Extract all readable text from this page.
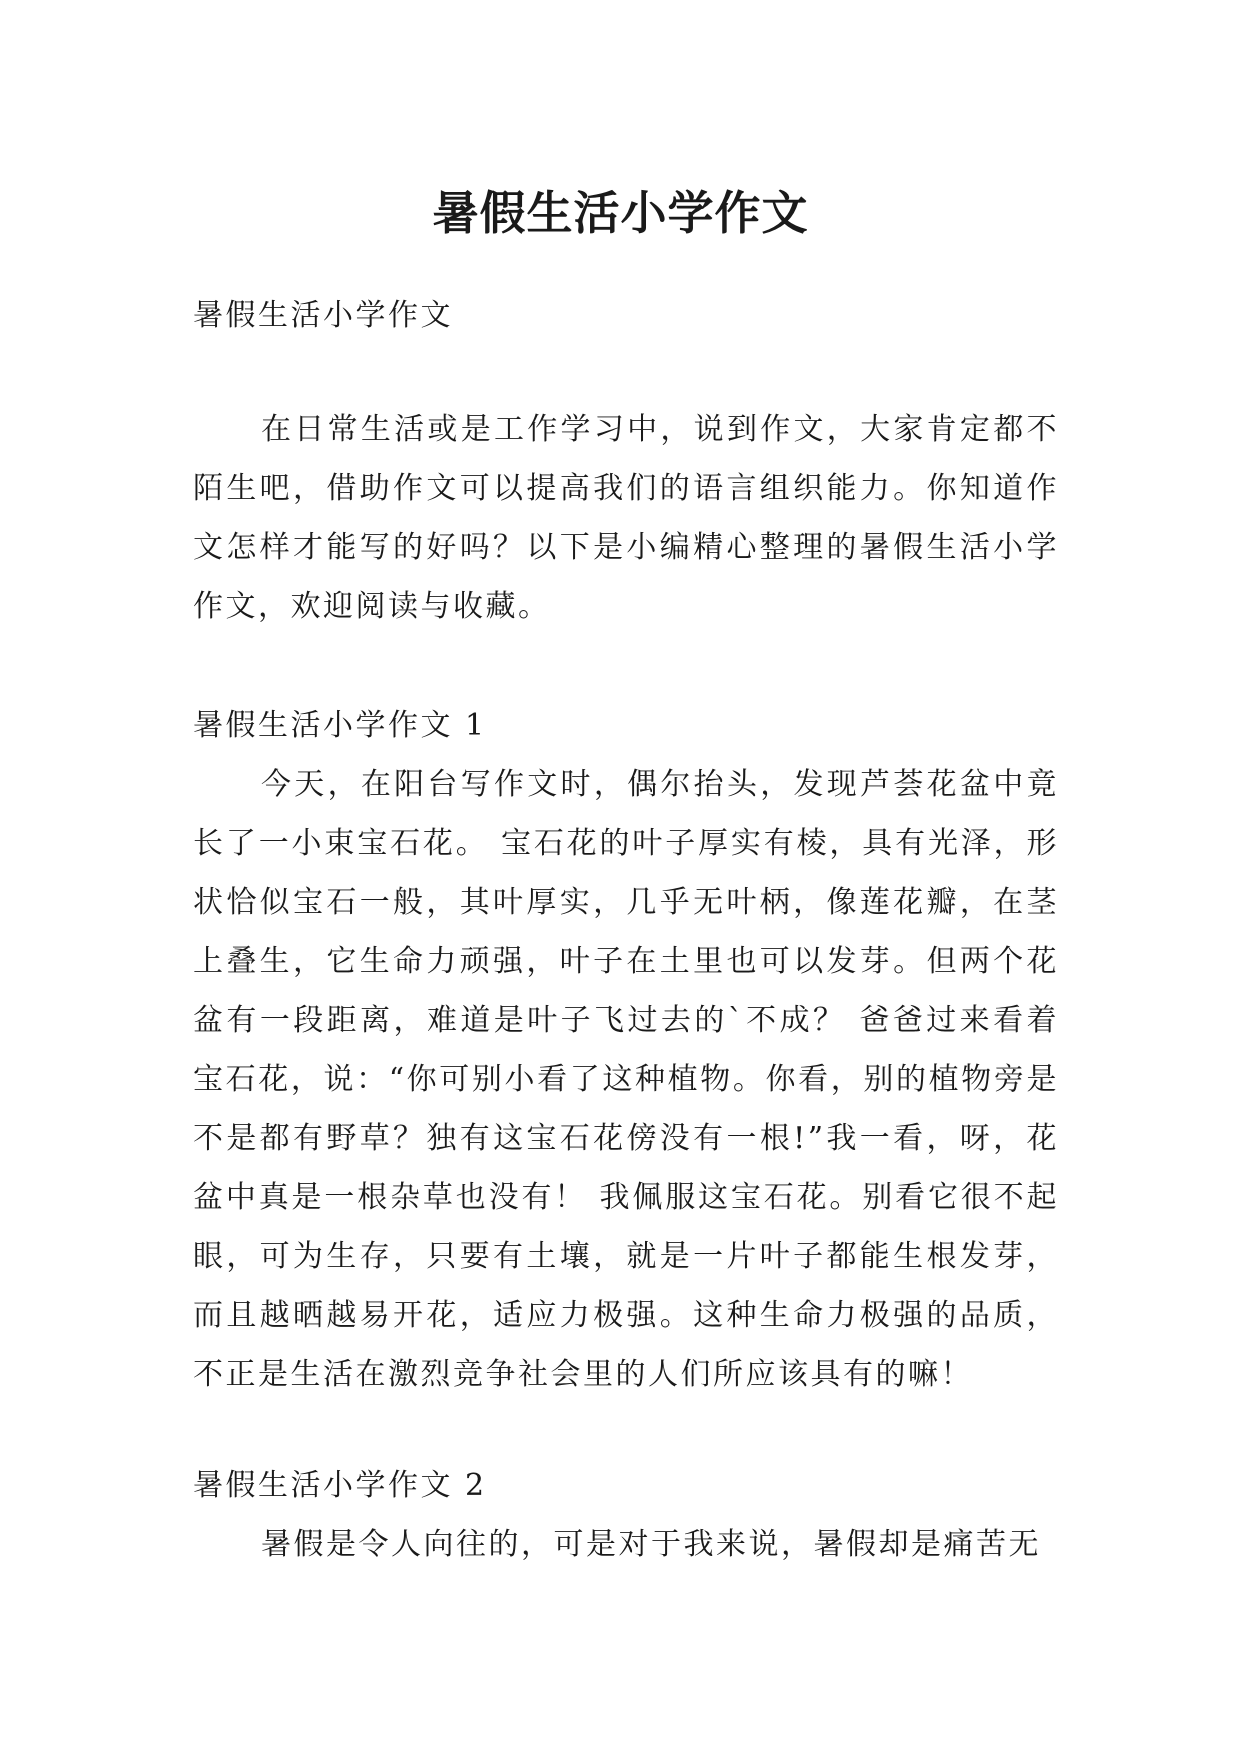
暑假生活小学作文

暑假生活小学作文

在日常生活或是工作学习中，说到作文，大家肯定都不陌生吧，借助作文可以提高我们的语言组织能力。你知道作文怎样才能写的好吗？以下是小编精心整理的暑假生活小学作文，欢迎阅读与收藏。

暑假生活小学作文 1

今天，在阳台写作文时，偶尔抬头，发现芦荟花盆中竟长了一小束宝石花。 宝石花的叶子厚实有棱，具有光泽，形状恰似宝石一般，其叶厚实，几乎无叶柄，像莲花瓣，在茎上叠生，它生命力顽强，叶子在土里也可以发芽。但两个花盆有一段距离，难道是叶子飞过去的`不成？ 爸爸过来看着宝石花，说：“你可别小看了这种植物。你看，别的植物旁是不是都有野草？独有这宝石花傍没有一根!”我一看，呀，花盆中真是一根杂草也没有！ 我佩服这宝石花。别看它很不起眼，可为生存，只要有土壤，就是一片叶子都能生根发芽，而且越晒越易开花，适应力极强。这种生命力极强的品质，不正是生活在激烈竞争社会里的人们所应该具有的嘛！

暑假生活小学作文 2

暑假是令人向往的，可是对于我来说，暑假却是痛苦无
